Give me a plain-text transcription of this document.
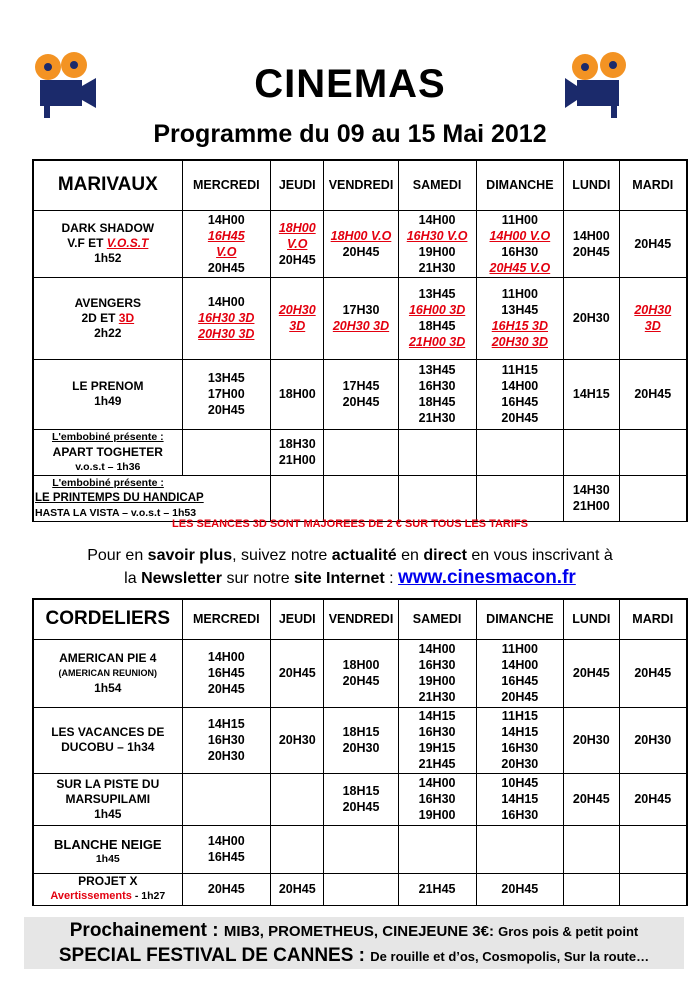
CINEMAS
Programme du 09 au 15 Mai 2012
MARIVAUX	MERCREDI	JEUDI	VENDREDI	SAMEDI	DIMANCHE	LUNDI	MARDI

DARK SHADOW
V.F ET V.O.S.T
1h52	14H00
16H45
V.O
20H45	18H00
V.O
20H45	18H00 V.O
20H45	14H00
16H30 V.O
19H00
21H30	11H00
14H00 V.O
16H30
20H45 V.O	14H00
20H45	20H45

AVENGERS
2D ET 3D
2h22	14H00
16H30 3D
20H30 3D	20H30
3D	17H30
20H30 3D	13H45
16H00 3D
18H45
21H00 3D	11H00
13H45
16H15 3D
20H30 3D	20H30	20H30
3D

LE PRENOM
1h49	13H45
17H00
20H45	18H00	17H45
20H45	13H45
16H30
18H45
21H30	11H15
14H00
16H45
20H45	14H15	20H45

L'embobiné présente :
APART TOGHETER
v.o.s.t – 1h36		18H30
21H00					

L'embobiné présente :
LE PRINTEMPS DU HANDICAP
HASTA LA VISTA – v.o.s.t – 1h53						14H30
21H00	

LES SEANCES 3D SONT MAJOREES DE 2 € SUR TOUS LES TARIFS
Pour en savoir plus, suivez notre actualité en direct en vous inscrivant à
la Newsletter sur notre site Internet : www.cinesmacon.fr
CORDELIERS	MERCREDI	JEUDI	VENDREDI	SAMEDI	DIMANCHE	LUNDI	MARDI

AMERICAN PIE 4
(AMERICAN REUNION)
1h54	14H00
16H45
20H45	20H45	18H00
20H45	14H00
16H30
19H00
21H30	11H00
14H00
16H45
20H45	20H45	20H45

LES VACANCES DE
DUCOBU – 1h34	14H15
16H30
20H30	20H30	18H15
20H30	14H15
16H30
19H15
21H45	11H15
14H15
16H30
20H30	20H30	20H30

SUR LA PISTE DU
MARSUPILAMI
1h45			18H15
20H45	14H00
16H30
19H00	10H45
14H15
16H30	20H45	20H45

BLANCHE NEIGE
1h45	14H00
16H45						

PROJET X
Avertissements - 1h27	20H45	20H45		21H45	20H45		

Prochainement : MIB3, PROMETHEUS, CINEJEUNE 3€: Gros pois & petit point
SPECIAL FESTIVAL DE CANNES : De rouille et d’os, Cosmopolis, Sur la route…
